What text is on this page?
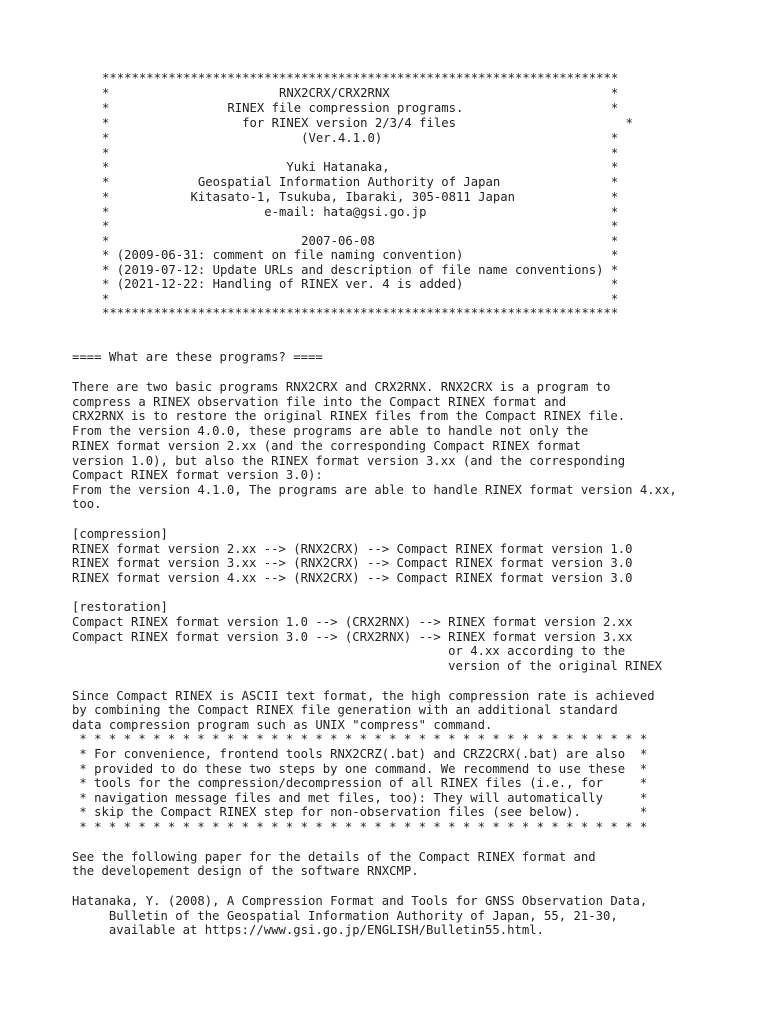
**********************************************************************
*                       RNX2CRX/CRX2RNX                              *
*                RINEX file compression programs.                    *
*                  for RINEX version 2/3/4 files                       *
*                          (Ver.4.1.0)                               *
*                                                                    *
*                        Yuki Hatanaka,                              *
*            Geospatial Information Authority of Japan               *
*           Kitasato-1, Tsukuba, Ibaraki, 305-0811 Japan             *
*                     e-mail: hata@gsi.go.jp                         *
*                                                                    *
*                          2007-06-08                                *
* (2009-06-31: comment on file naming convention)                    *
* (2019-07-12: Update URLs and description of file name conventions) *
* (2021-12-22: Handling of RINEX ver. 4 is added)                    *
*                                                                    *
**********************************************************************
==== What are these programs? ====
There are two basic programs RNX2CRX and CRX2RNX. RNX2CRX is a program to
compress a RINEX observation file into the Compact RINEX format and
CRX2RNX is to restore the original RINEX files from the Compact RINEX file.
From the version 4.0.0, these programs are able to handle not only the
RINEX format version 2.xx (and the corresponding Compact RINEX format
version 1.0), but also the RINEX format version 3.xx (and the corresponding
Compact RINEX format version 3.0):
From the version 4.1.0, The programs are able to handle RINEX format version 4.xx,
too.
[compression]
RINEX format version 2.xx --> (RNX2CRX) --> Compact RINEX format version 1.0
RINEX format version 3.xx --> (RNX2CRX) --> Compact RINEX format version 3.0
RINEX format version 4.xx --> (RNX2CRX) --> Compact RINEX format version 3.0
[restoration]
Compact RINEX format version 1.0 --> (CRX2RNX) --> RINEX format version 2.xx
Compact RINEX format version 3.0 --> (CRX2RNX) --> RINEX format version 3.xx
or 4.xx according to the
version of the original RINEX
Since Compact RINEX is ASCII text format, the high compression rate is achieved
by combining the Compact RINEX file generation with an additional standard
data compression program such as UNIX "compress" command.
* * * * * * * * * * * * * * * * * * * * * * * * * * * * * * * * * * * * * * *
* For convenience, frontend tools RNX2CRZ(.bat) and CRZ2CRX(.bat) are also  *
* provided to do these two steps by one command. We recommend to use these  *
* tools for the compression/decompression of all RINEX files (i.e., for     *
* navigation message files and met files, too): They will automatically     *
* skip the Compact RINEX step for non-observation files (see below).        *
* * * * * * * * * * * * * * * * * * * * * * * * * * * * * * * * * * * * * * *
See the following paper for the details of the Compact RINEX format and
the developement design of the software RNXCMP.
Hatanaka, Y. (2008), A Compression Format and Tools for GNSS Observation Data,
Bulletin of the Geospatial Information Authority of Japan, 55, 21-30,
available at https://www.gsi.go.jp/ENGLISH/Bulletin55.html.
